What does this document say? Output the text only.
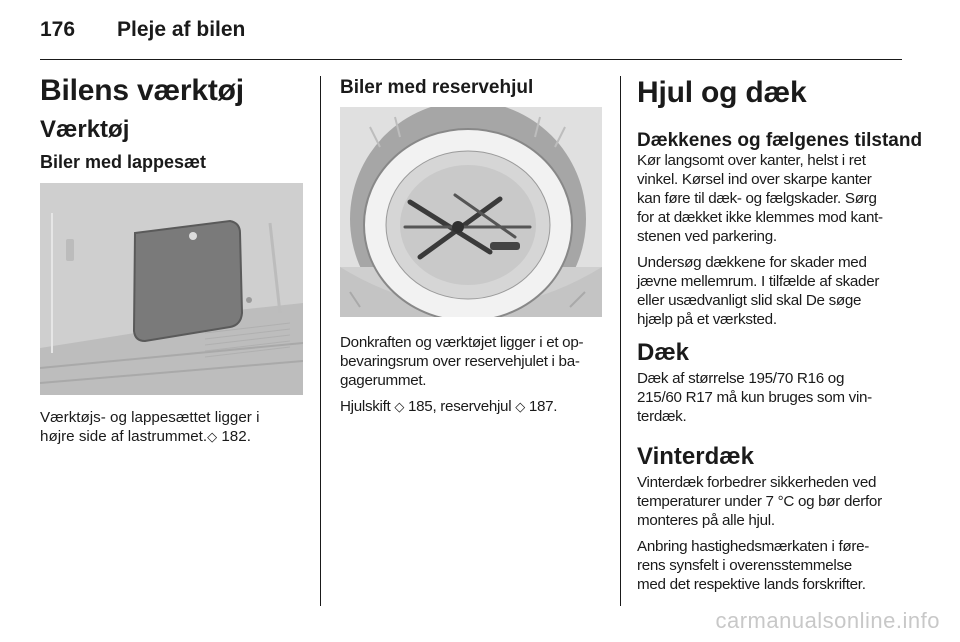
176 Pleje af bilen
Bilens værktøj
Værktøj
Biler med lappesæt
Værktøjs- og lappesættet ligger i
højre side af lastrummet.◇ 182.
Biler med reservehjul

Donkraften og værktøjet ligger i et op-
bevaringsrum over reservehjulet i ba-
gagerummet.

Hjulskift ◇ 185, reservehjul ◇ 187.

Hjul og dæk
Dækkenes og fælgenes tilstand

Kør langsomt over kanter, helst i ret
vinkel. Kørsel ind over skarpe kanter
kan føre til dæk- og fælgskader. Sørg
for at dækket ikke klemmes mod kant-
stenen ved parkering.

Undersøg dækkene for skader med
jævne mellemrum. I tilfælde af skader
eller usædvanligt slid skal De søge
hjælp på et værksted.

Dæk

Dæk af størrelse 195/70 R16 og
215/60 R17 må kun bruges som vin-
terdæk.

Vinterdæk

Vinterdæk forbedrer sikkerheden ved
temperaturer under 7 °C og bør derfor
monteres på alle hjul.

Anbring hastighedsmærkaten i føre-
rens synsfelt i overensstemmelse
med det respektive lands forskrifter.

carmanualsonline.info
